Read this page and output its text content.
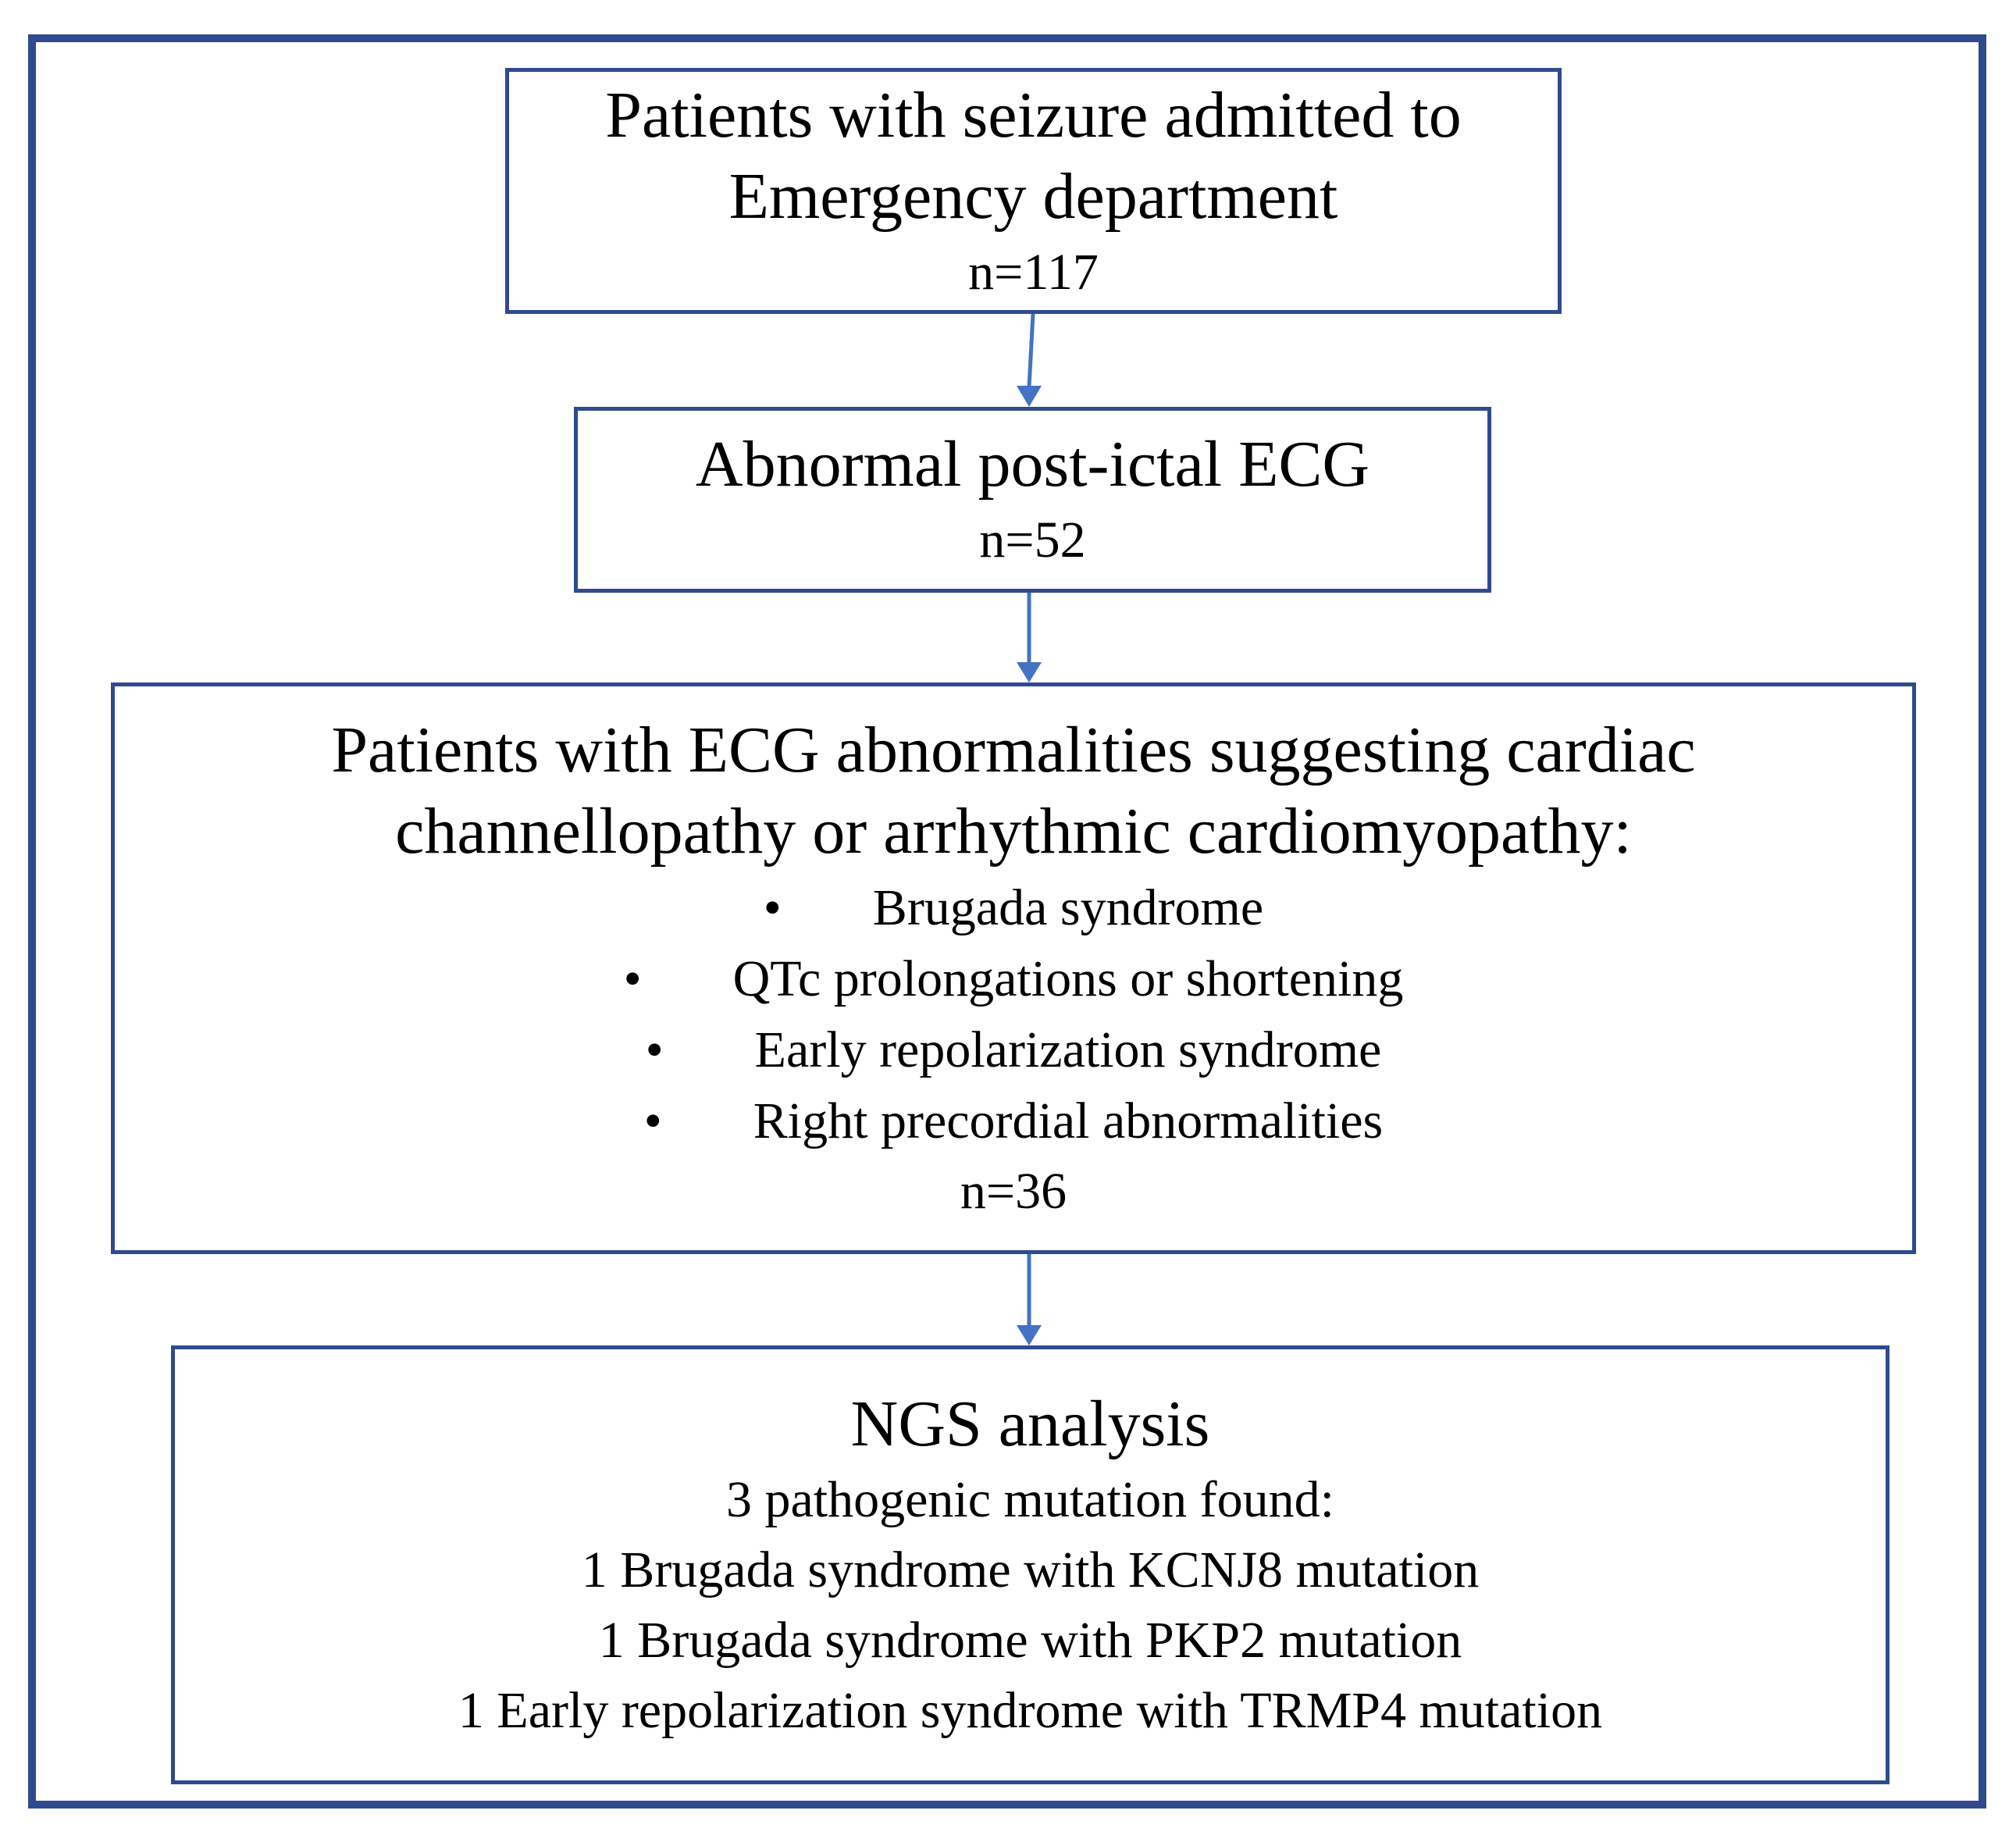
Patients with seizure admitted to
Emergency department
n=117
Abnormal post-ictal ECG
n=52
Patients with ECG abnormalities suggesting cardiac
channellopathy or arrhythmic cardiomyopathy:
• Brugada syndrome
• QTc prolongations or shortening
• Early repolarization syndrome
• Right precordial abnormalities
n=36
NGS analysis
3 pathogenic mutation found:
1 Brugada syndrome with KCNJ8 mutation
1 Brugada syndrome with PKP2 mutation
1 Early repolarization syndrome with TRMP4 mutation
